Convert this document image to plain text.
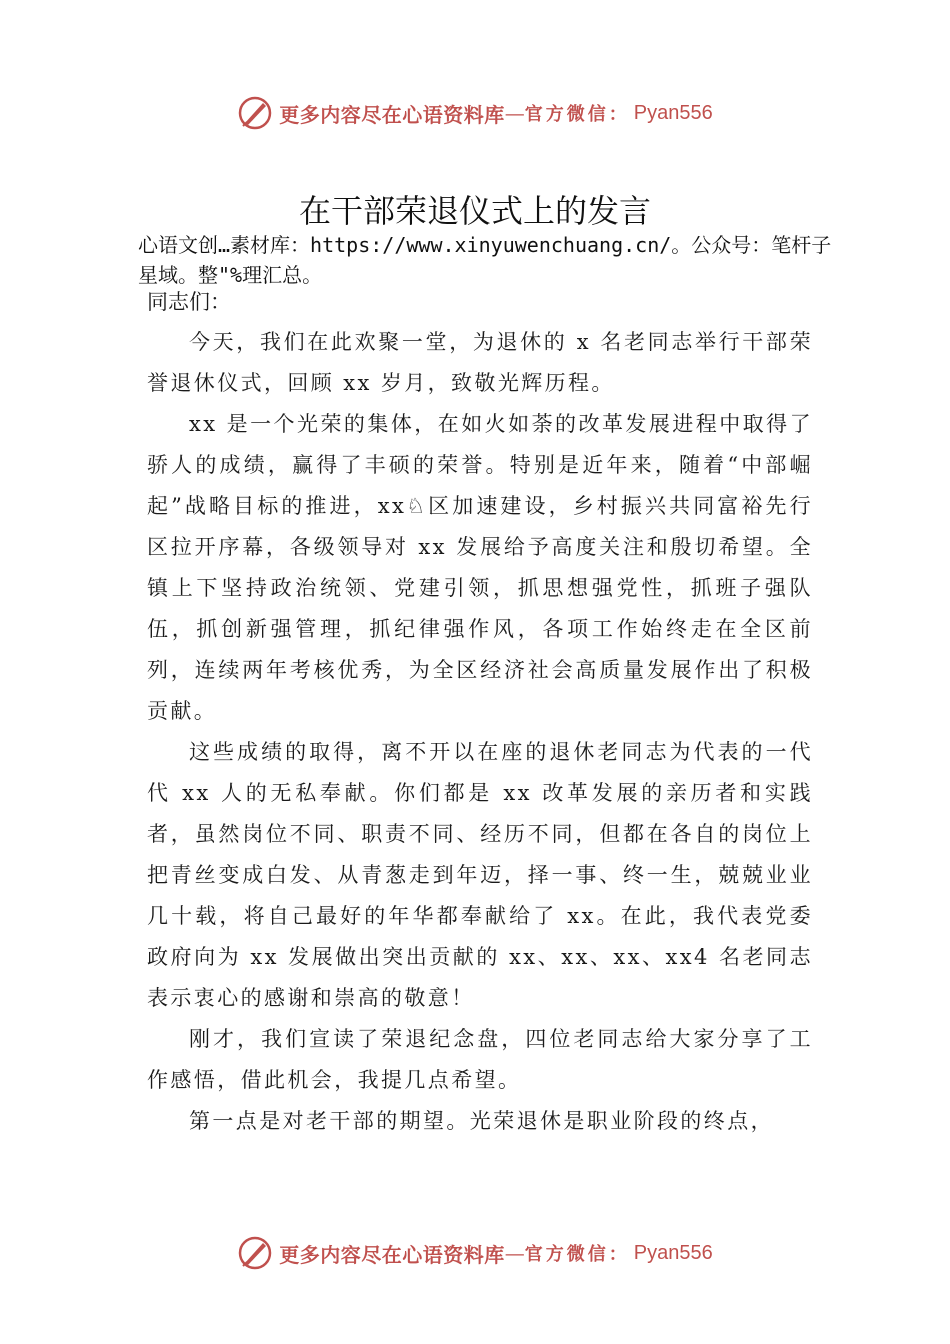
更多内容尽在心语资料库 — 官方微信： Pyan556
在干部荣退仪式上的发言
心语文创…素材库：https://www.xinyuwenchuang.cn/。公众号：笔杆子星域。整"%理汇总。
同志们：

今天，我们在此欢聚一堂，为退休的 x 名老同志举行干部荣誉退休仪式，回顾 xx 岁月，致敬光辉历程。

xx 是一个光荣的集体，在如火如荼的改革发展进程中取得了骄人的成绩，赢得了丰硕的荣誉。特别是近年来，随着“中部崛起”战略目标的推进，xx♘区加速建设，乡村振兴共同富裕先行区拉开序幕，各级领导对 xx 发展给予高度关注和殷切希望。全镇上下坚持政治统领、党建引领，抓思想强党性，抓班子强队伍，抓创新强管理，抓纪律强作风，各项工作始终走在全区前列，连续两年考核优秀，为全区经济社会高质量发展作出了积极贡献。

这些成绩的取得，离不开以在座的退休老同志为代表的一代代 xx 人的无私奉献。你们都是 xx 改革发展的亲历者和实践者，虽然岗位不同、职责不同、经历不同，但都在各自的岗位上把青丝变成白发、从青葱走到年迈，择一事、终一生，兢兢业业几十载，将自己最好的年华都奉献给了 xx。在此，我代表党委政府向为 xx 发展做出突出贡献的 xx、xx、xx、xx4 名老同志表示衷心的感谢和崇高的敬意！

刚才，我们宣读了荣退纪念盘，四位老同志给大家分享了工作感悟，借此机会，我提几点希望。

第一点是对老干部的期望。光荣退休是职业阶段的终点，

更多内容尽在心语资料库 — 官方微信： Pyan556
